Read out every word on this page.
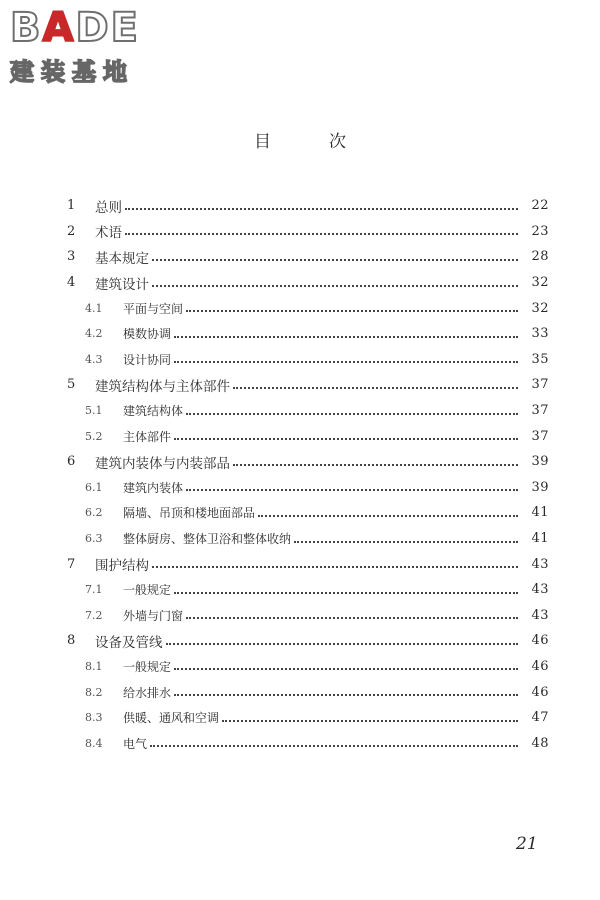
BADE
建装基地
目次
1 总则	22
2 术语	23
3 基本规定	28
4 建筑设计	32
4.1 平面与空间	32
4.2 模数协调	33
4.3 设计协同	35
5 建筑结构体与主体部件	37
5.1 建筑结构体	37
5.2 主体部件	37
6 建筑内装体与内装部品	39
6.1 建筑内装体	39
6.2 隔墙、吊顶和楼地面部品	41
6.3 整体厨房、整体卫浴和整体收纳	41
7 围护结构	43
7.1 一般规定	43
7.2 外墙与门窗	43
8 设备及管线	46
8.1 一般规定	46
8.2 给水排水	46
8.3 供暖、通风和空调	47
8.4 电气	48
21
